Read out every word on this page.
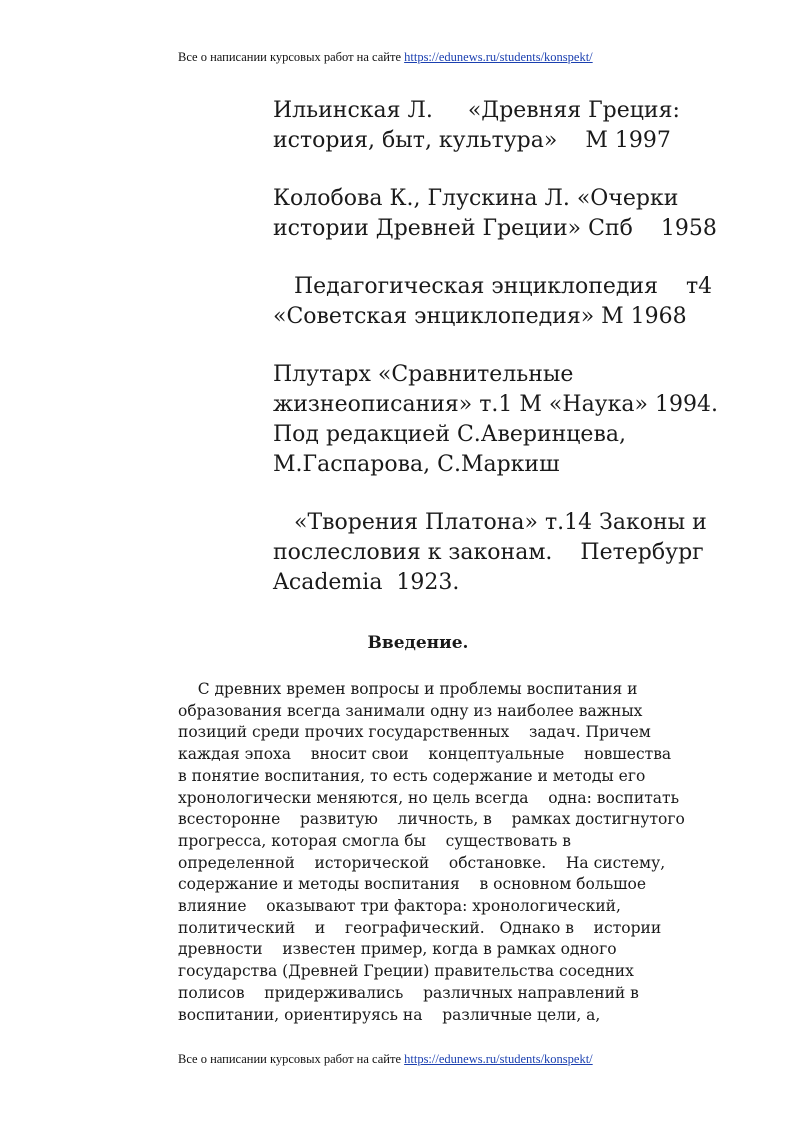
Все о написании курсовых работ на сайте https://edunews.ru/students/konspekt/
Ильинская Л.     «Древняя Греция:
история, быт, культура»    М 1997
Колобова К., Глускина Л. «Очерки
истории Древней Греции» Спб    1958
Педагогическая энциклопедия    т4
«Советская энциклопедия» М 1968
Плутарх «Сравнительные
жизнеописания» т.1 М «Наука» 1994.
Под редакцией С.Аверинцева,
М.Гаспарова, С.Маркиш
«Творения Платона» т.14 Законы и
послесловия к законам.    Петербург
Academia  1923.
Введение.
С древних времен вопросы и проблемы воспитания и
образования всегда занимали одну из наиболее важных
позиций среди прочих государственных    задач. Причем
каждая эпоха    вносит свои    концептуальные    новшества
в понятие воспитания, то есть содержание и методы его
хронологически меняются, но цель всегда    одна: воспитать
всесторонне    развитую    личность, в    рамках достигнутого
прогресса, которая смогла бы    существовать в
определенной    исторической    обстановке.    На систему,
содержание и методы воспитания    в основном большое
влияние    оказывают три фактора: хронологический,
политический    и    географический.   Однако в    истории
древности    известен пример, когда в рамках одного
государства (Древней Греции) правительства соседних
полисов    придерживались    различных направлений в
воспитании, ориентируясь на    различные цели, а,
Все о написании курсовых работ на сайте https://edunews.ru/students/konspekt/
